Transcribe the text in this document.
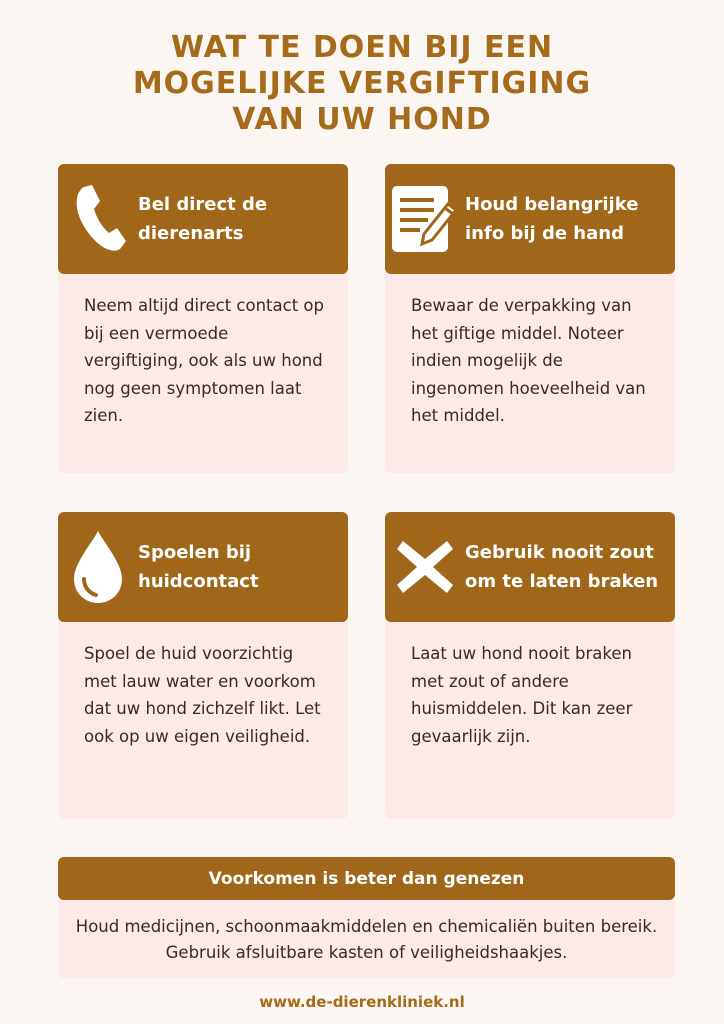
WAT TE DOEN BIJ EEN
MOGELIJKE VERGIFTIGING
VAN UW HOND
Bel direct de dierenarts
Neem altijd direct contact op bij een vermoede vergiftiging, ook als uw hond nog geen symptomen laat zien.
Houd belangrijke info bij de hand
Bewaar de verpakking van het giftige middel. Noteer indien mogelijk de ingenomen hoeveelheid van het middel.
Spoelen bij huidcontact
Spoel de huid voorzichtig met lauw water en voorkom dat uw hond zichzelf likt. Let ook op uw eigen veiligheid.
Gebruik nooit zout om te laten braken
Laat uw hond nooit braken met zout of andere huismiddelen. Dit kan zeer gevaarlijk zijn.
Voorkomen is beter dan genezen
Houd medicijnen, schoonmaakmiddelen en chemicaliën buiten bereik. Gebruik afsluitbare kasten of veiligheidshaakjes.
www.de-dierenkliniek.nl
